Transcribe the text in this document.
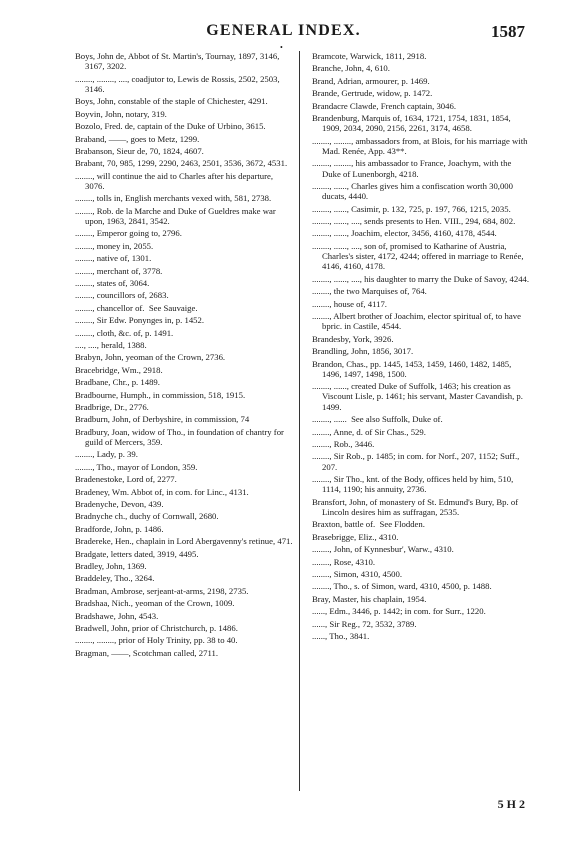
GENERAL INDEX.
•
1587
Boys, John de, Abbot of St. Martin's, Tournay, 1897, 3146, 3167, 3202.
........, ........, ...., coadjutor to, Lewis de Rossis, 2502, 2503, 3146.
Boys, John, constable of the staple of Chichester, 4291.
Boyvin, John, notary, 319.
Bozolo, Fred. de, captain of the Duke of Urbino, 3615.
Braband, ——, goes to Metz, 1299.
Brabanson, Sieur de, 70, 1824, 4607.
Brabant, 70, 985, 1299, 2290, 2463, 2501, 3536, 3672, 4531.
........, will continue the aid to Charles after his departure, 3076.
........, tolls in, English merchants vexed with, 581, 2738.
........, Rob. de la Marche and Duke of Gueldres make war upon, 1963, 2841, 3542.
........, Emperor going to, 2796.
........, money in, 2055.
........, native of, 1301.
........, merchant of, 3778.
........, states of, 3064.
........, councillors of, 2683.
........, chancellor of.  See Sauvaige.
........, Sir Edw. Ponynges in, p. 1452.
........, cloth, &c. of, p. 1491.
...., ...., herald, 1388.
Brabyn, John, yeoman of the Crown, 2736.
Bracebridge, Wm., 2918.
Bradbane, Chr., p. 1489.
Bradbourne, Humph., in commission, 518, 1915.
Bradbrige, Dr., 2776.
Bradburn, John, of Derbyshire, in commission, 74
Bradbury, Joan, widow of Tho., in foundation of chantry for guild of Mercers, 359.
........, Lady, p. 39.
........, Tho., mayor of London, 359.
Bradenestoke, Lord of, 2277.
Bradeney, Wm. Abbot of, in com. for Linc., 4131.
Bradenyche, Devon, 439.
Bradnyche ch., duchy of Cornwall, 2680.
Bradforde, John, p. 1486.
Bradereke, Hen., chaplain in Lord Abergavenny's retinue, 471.
Bradgate, letters dated, 3919, 4495.
Bradley, John, 1369.
Braddeley, Tho., 3264.
Bradman, Ambrose, serjeant-at-arms, 2198, 2735.
Bradshaa, Nich., yeoman of the Crown, 1009.
Bradshawe, John, 4543.
Bradwell, John, prior of Christchurch, p. 1486.
........, ........, prior of Holy Trinity, pp. 38 to 40.
Bragman, ——, Scotchman called, 2711.
Bramcote, Warwick, 1811, 2918.
Branche, John, 4, 610.
Brand, Adrian, armourer, p. 1469.
Brande, Gertrude, widow, p. 1472.
Brandacre Clawde, French captain, 3046.
Brandenburg, Marquis of, 1634, 1721, 1754, 1831, 1854, 1909, 2034, 2090, 2156, 2261, 3174, 4658.
........, ........, ambassadors from, at Blois, for his marriage with Mad. Renée, App. 43**.
........, ........, his ambassador to France, Joachym, with the Duke of Lunenborgh, 4218.
........, ......, Charles gives him a confiscation worth 30,000 ducats, 4440.
........, ......, Casimir, p. 132, 725, p. 197, 766, 1215, 2035.
........, ......, ...., sends presents to Hen. VIII., 294, 684, 802.
........, ......, Joachim, elector, 3456, 4160, 4178, 4544.
........, ......, ...., son of, promised to Katharine of Austria, Charles's sister, 4172, 4244; offered in marriage to Renée, 4146, 4160, 4178.
........, ......, ...., his daughter to marry the Duke of Savoy, 4244.
........, the two Marquises of, 764.
........, house of, 4117.
........, Albert brother of Joachim, elector spiritual of, to have bpric. in Castile, 4544.
Brandesby, York, 3926.
Brandling, John, 1856, 3017.
Brandon, Chas., pp. 1445, 1453, 1459, 1460, 1482, 1485, 1496, 1497, 1498, 1500.
........, ......, created Duke of Suffolk, 1463; his creation as Viscount Lisle, p. 1461; his servant, Master Cavandish, p. 1499.
........, ......  See also Suffolk, Duke of.
........, Anne, d. of Sir Chas., 529.
........, Rob., 3446.
........, Sir Rob., p. 1485; in com. for Norf., 207, 1152; Suff., 207.
........, Sir Tho., knt. of the Body, offices held by him, 510, 1114, 1190; his annuity, 2736.
Bransfort, John, of monastery of St. Edmund's Bury, Bp. of Lincoln desires him as suffragan, 2535.
Braxton, battle of.  See Flodden.
Brasebrigge, Eliz., 4310.
........, John, of Kynnesbur', Warw., 4310.
........, Rose, 4310.
........, Simon, 4310, 4500.
........, Tho., s. of Simon, ward, 4310, 4500, p. 1488.
Bray, Master, his chaplain, 1954.
......, Edm., 3446, p. 1442; in com. for Surr., 1220.
......, Sir Reg., 72, 3532, 3789.
......, Tho., 3841.
5 H 2
